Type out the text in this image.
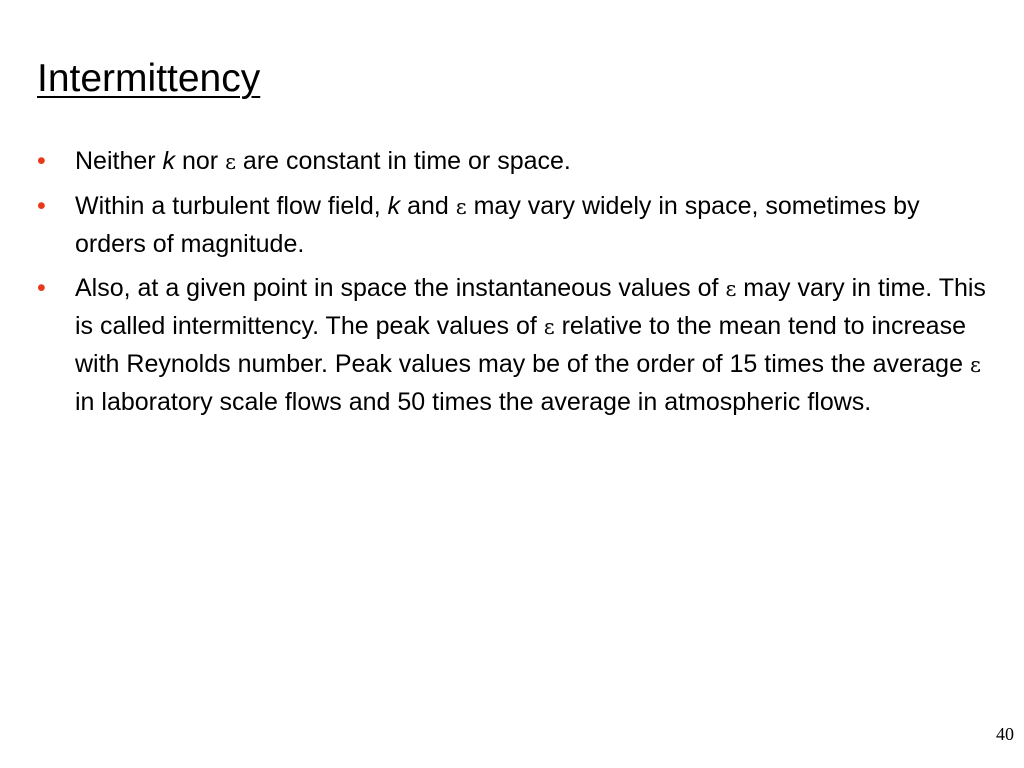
Intermittency
•	Neither k nor ε are constant in time or space.
•	Within a turbulent flow field, k and ε may vary widely in space, sometimes by orders of magnitude.
•	Also, at a given point in space the instantaneous values of ε may vary in time. This is called intermittency. The peak values of ε relative to the mean tend to increase with Reynolds number. Peak values may be of the order of 15 times the average ε in laboratory scale flows and 50 times the average in atmospheric flows.
40
